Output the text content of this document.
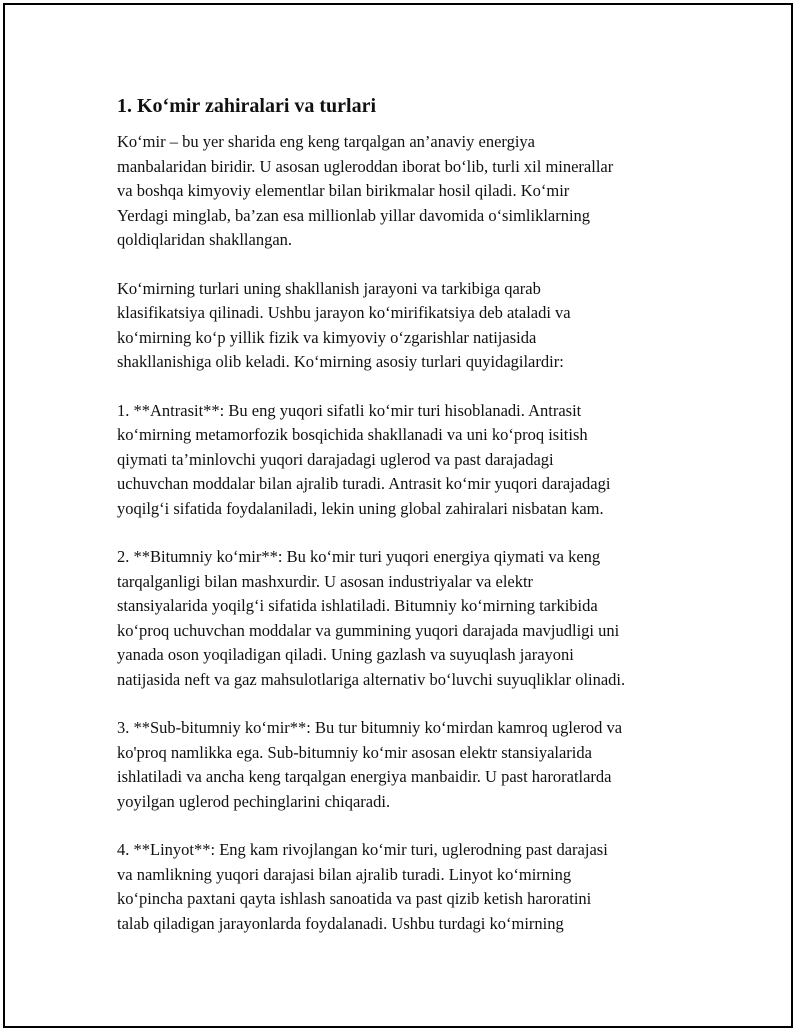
1. Ko‘mir zahiralari va turlari
Ko‘mir – bu yer sharida eng keng tarqalgan an’anaviy energiya
manbalaridan biridir. U asosan ugleroddan iborat bo‘lib, turli xil minerallar
va boshqa kimyoviy elementlar bilan birikmalar hosil qiladi. Ko‘mir
Yerdagi minglab, ba’zan esa millionlab yillar davomida o‘simliklarning
qoldiqlaridan shakllangan.
Ko‘mirning turlari uning shakllanish jarayoni va tarkibiga qarab
klasifikatsiya qilinadi. Ushbu jarayon ko‘mirifikatsiya deb ataladi va
ko‘mirning ko‘p yillik fizik va kimyoviy o‘zgarishlar natijasida
shakllanishiga olib keladi. Ko‘mirning asosiy turlari quyidagilardir:
1. **Antrasit**: Bu eng yuqori sifatli ko‘mir turi hisoblanadi. Antrasit
ko‘mirning metamorfozik bosqichida shakllanadi va uni ko‘proq isitish
qiymati ta’minlovchi yuqori darajadagi uglerod va past darajadagi
uchuvchan moddalar bilan ajralib turadi. Antrasit ko‘mir yuqori darajadagi
yoqilg‘i sifatida foydalaniladi, lekin uning global zahiralari nisbatan kam.
2. **Bitumniy ko‘mir**: Bu ko‘mir turi yuqori energiya qiymati va keng
tarqalganligi bilan mashxurdir. U asosan industriyalar va elektr
stansiyalarida yoqilg‘i sifatida ishlatiladi. Bitumniy ko‘mirning tarkibida
ko‘proq uchuvchan moddalar va gummining yuqori darajada mavjudligi uni
yanada oson yoqiladigan qiladi. Uning gazlash va suyuqlash jarayoni
natijasida neft va gaz mahsulotlariga alternativ bo‘luvchi suyuqliklar olinadi.
3. **Sub-bitumniy ko‘mir**: Bu tur bitumniy ko‘mirdan kamroq uglerod va
ko'proq namlikka ega. Sub-bitumniy ko‘mir asosan elektr stansiyalarida
ishlatiladi va ancha keng tarqalgan energiya manbaidir. U past haroratlarda
yoyilgan uglerod pechinglarini chiqaradi.
4. **Linyot**: Eng kam rivojlangan ko‘mir turi, uglerodning past darajasi
va namlikning yuqori darajasi bilan ajralib turadi. Linyot ko‘mirning
ko‘pincha paxtani qayta ishlash sanoatida va past qizib ketish haroratini
talab qiladigan jarayonlarda foydalanadi. Ushbu turdagi ko‘mirning
